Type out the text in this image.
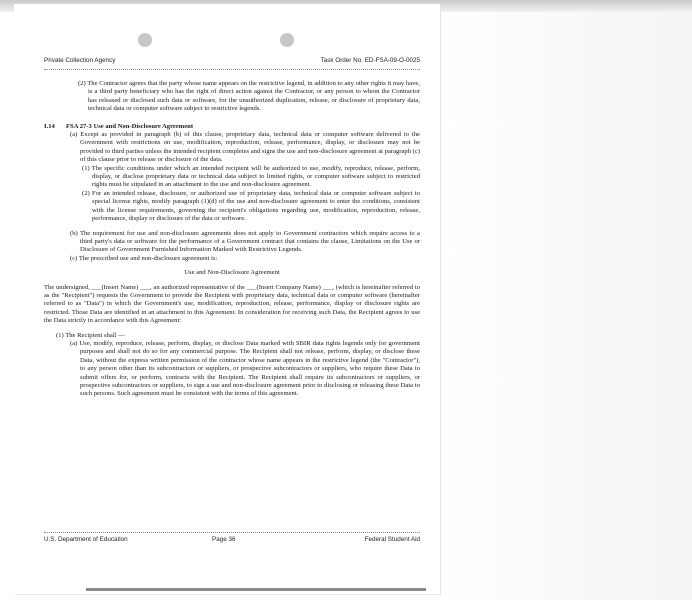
Private Collection Agency	Task Order No. ED-FSA-09-O-0025

(2) The Contractor agrees that the party whose name appears on the restrictive legend, in addition to any other rights it may have, is a third party beneficiary who has the right of direct action against the Contractor, or any person to whom the Contractor has released or disclosed such data or software, for the unauthorized duplication, release, or disclosure of proprietary data, technical data or computer software subject to restrictive legends.

I.14 FSA 27-3 Use and Non-Disclosure Agreement

(a) Except as provided in paragraph (b) of this clause, proprietary data, technical data or computer software delivered to the Government with restrictions on use, modification, reproduction, release, performance, display, or disclosure may not be provided to third parties unless the intended recipient completes and signs the use and non-disclosure agreement at paragraph (c) of this clause prior to release or disclosure of the data.

(1) The specific conditions under which an intended recipient will be authorized to use, modify, reproduce, release, perform, display, or disclose proprietary data or technical data subject to limited rights, or computer software subject to restricted rights must be stipulated in an attachment to the use and non-disclosure agreement.

(2) For an intended release, disclosure, or authorized use of proprietary data, technical data or computer software subject to special license rights, modify paragraph (1)(d) of the use and non-disclosure agreement to enter the conditions, consistent with the license requirements, governing the recipient's obligations regarding use, modification, reproduction, release, performance, display or disclosure of the data or software.

(b) The requirement for use and non-disclosure agreements does not apply to Government contractors which require access to a third party's data or software for the performance of a Government contract that contains the clause, Limitations on the Use or Disclosure of Government Furnished Information Marked with Restrictive Legends.

(c) The prescribed use and non-disclosure agreement is:

Use and Non-Disclosure Agreement

The undersigned, ___(Insert Name) ___, an authorized representative of the ___(Insert Company Name) ___, (which is hereinafter referred to as the "Recipient") requests the Government to provide the Recipient with proprietary data, technical data or computer software (hereinafter referred to as "Data") in which the Government's use, modification, reproduction, release, performance, display or disclosure rights are restricted. Those Data are identified in an attachment to this Agreement. In consideration for receiving such Data, the Recipient agrees to use the Data strictly in accordance with this Agreement:

(1) The Recipient shall —

(a) Use, modify, reproduce, release, perform, display, or disclose Data marked with SBIR data rights legends only for government purposes and shall not do so for any commercial purpose. The Recipient shall not release, perform, display, or disclose these Data, without the express written permission of the contractor whose name appears in the restrictive legend (the "Contractor"), to any person other than its subcontractors or suppliers, or prospective subcontractors or suppliers, who require these Data to submit offers for, or perform, contracts with the Recipient. The Recipient shall require its subcontractors or suppliers, or prospective subcontractors or suppliers, to sign a use and non-disclosure agreement prior to disclosing or releasing these Data to such persons. Such agreement must be consistent with the terms of this agreement.

U.S. Department of Education	Page 36	Federal Student Aid
